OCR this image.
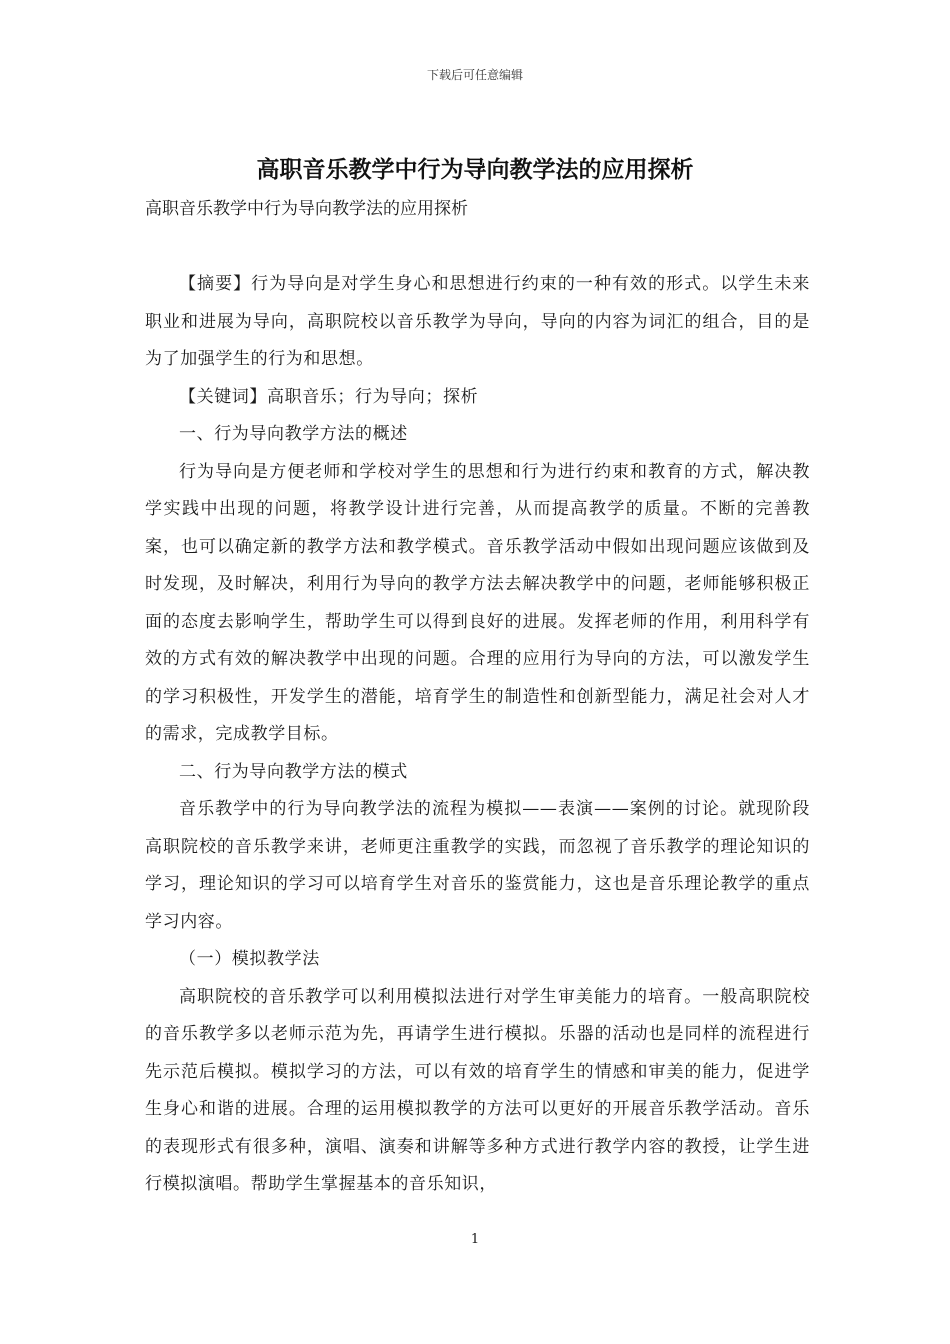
下载后可任意编辑
高职音乐教学中行为导向教学法的应用探析

高职音乐教学中行为导向教学法的应用探析

【摘要】行为导向是对学生身心和思想进行约束的一种有效的形式。以学生未来职业和进展为导向，高职院校以音乐教学为导向，导向的内容为词汇的组合，目的是为了加强学生的行为和思想。

【关键词】高职音乐；行为导向；探析

一、行为导向教学方法的概述

行为导向是方便老师和学校对学生的思想和行为进行约束和教育的方式，解决教学实践中出现的问题，将教学设计进行完善，从而提高教学的质量。不断的完善教案，也可以确定新的教学方法和教学模式。音乐教学活动中假如出现问题应该做到及时发现，及时解决，利用行为导向的教学方法去解决教学中的问题，老师能够积极正面的态度去影响学生，帮助学生可以得到良好的进展。发挥老师的作用，利用科学有效的方式有效的解决教学中出现的问题。合理的应用行为导向的方法，可以激发学生的学习积极性，开发学生的潜能，培育学生的制造性和创新型能力，满足社会对人才的需求，完成教学目标。

二、行为导向教学方法的模式

音乐教学中的行为导向教学法的流程为模拟——表演——案例的讨论。就现阶段高职院校的音乐教学来讲，老师更注重教学的实践，而忽视了音乐教学的理论知识的学习，理论知识的学习可以培育学生对音乐的鉴赏能力，这也是音乐理论教学的重点学习内容。

（一）模拟教学法

高职院校的音乐教学可以利用模拟法进行对学生审美能力的培育。一般高职院校的音乐教学多以老师示范为先，再请学生进行模拟。乐器的活动也是同样的流程进行先示范后模拟。模拟学习的方法，可以有效的培育学生的情感和审美的能力，促进学生身心和谐的进展。合理的运用模拟教学的方法可以更好的开展音乐教学活动。音乐的表现形式有很多种，演唱、演奏和讲解等多种方式进行教学内容的教授，让学生进行模拟演唱。帮助学生掌握基本的音乐知识，

1
